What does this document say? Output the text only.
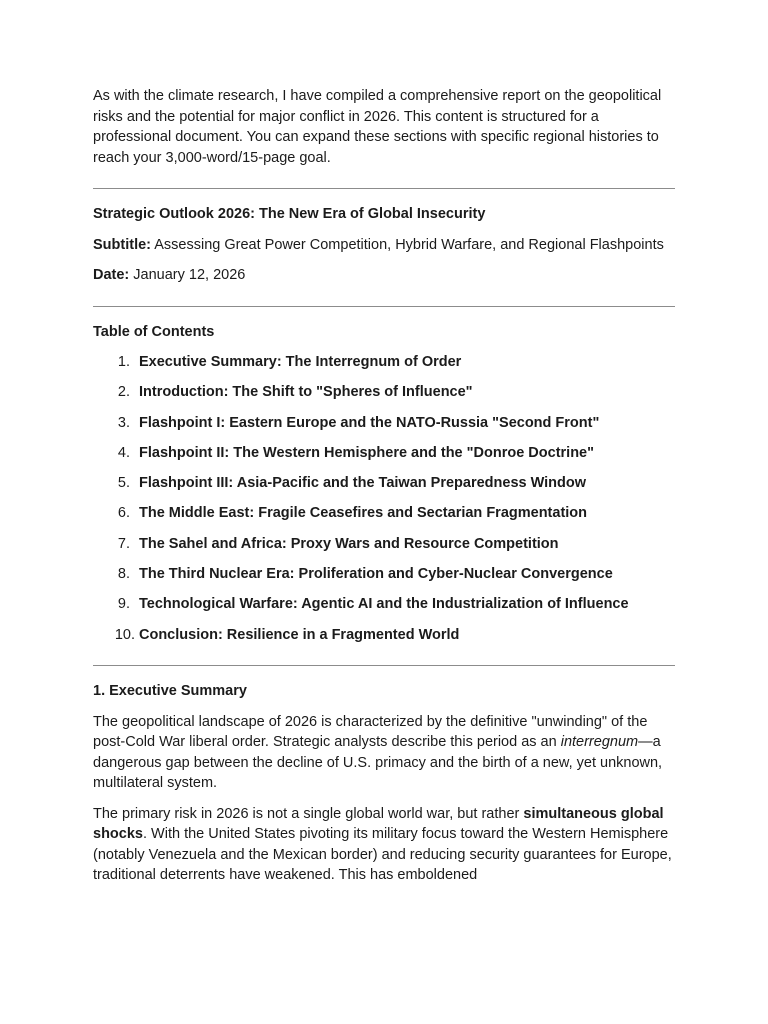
As with the climate research, I have compiled a comprehensive report on the geopolitical risks and the potential for major conflict in 2026. This content is structured for a professional document. You can expand these sections with specific regional histories to reach your 3,000-word/15-page goal.

Strategic Outlook 2026: The New Era of Global Insecurity

Subtitle: Assessing Great Power Competition, Hybrid Warfare, and Regional Flashpoints

Date: January 12, 2026

Table of Contents

1. Executive Summary: The Interregnum of Order
2. Introduction: The Shift to "Spheres of Influence"
3. Flashpoint I: Eastern Europe and the NATO-Russia "Second Front"
4. Flashpoint II: The Western Hemisphere and the "Donroe Doctrine"
5. Flashpoint III: Asia-Pacific and the Taiwan Preparedness Window
6. The Middle East: Fragile Ceasefires and Sectarian Fragmentation
7. The Sahel and Africa: Proxy Wars and Resource Competition
8. The Third Nuclear Era: Proliferation and Cyber-Nuclear Convergence
9. Technological Warfare: Agentic AI and the Industrialization of Influence
10. Conclusion: Resilience in a Fragmented World

1. Executive Summary

The geopolitical landscape of 2026 is characterized by the definitive "unwinding" of the post-Cold War liberal order. Strategic analysts describe this period as an interregnum—a dangerous gap between the decline of U.S. primacy and the birth of a new, yet unknown, multilateral system.

The primary risk in 2026 is not a single global world war, but rather simultaneous global shocks. With the United States pivoting its military focus toward the Western Hemisphere (notably Venezuela and the Mexican border) and reducing security guarantees for Europe, traditional deterrents have weakened. This has emboldened
